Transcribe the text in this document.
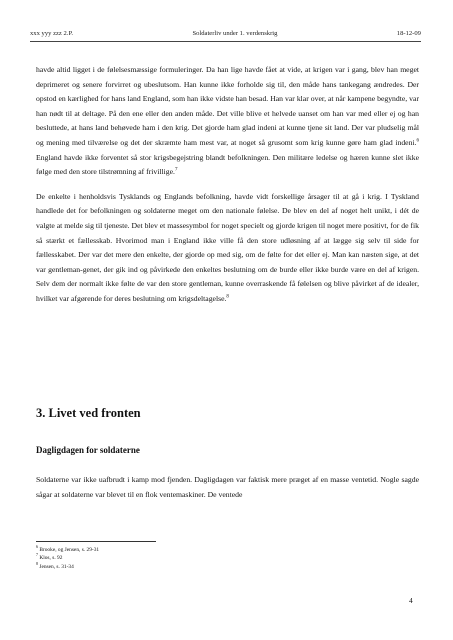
xxx yyy zzz 2.P.	Soldaterliv under 1. verdenskrig	18-12-09

havde altid ligget i de følelsesmæssige formuleringer. Da han lige havde fået at vide, at krigen var i gang, blev han meget deprimeret og senere forvirret og ubeslutsom. Han kunne ikke forholde sig til, den måde hans tankegang ændredes. Der opstod en kærlighed for hans land England, som han ikke vidste han besad. Han var klar over, at når kampene begyndte, var han nødt til at deltage. På den ene eller den anden måde. Det ville blive et helvede uanset om han var med eller ej og han besluttede, at hans land behøvede ham i den krig. Det gjorde ham glad indeni at kunne tjene sit land. Der var pludselig mål og mening med tilværelse og det der skræmte ham mest var, at noget så grusomt som krig kunne gøre ham glad indeni.$^6$ England havde ikke forventet så stor krigsbegejstring blandt befolkningen. Den militære ledelse og hæren kunne slet ikke følge med den store tilstrømning af frivillige.$^7$

De enkelte i henholdsvis Tysklands og Englands befolkning, havde vidt forskellige årsager til at gå i krig. I Tyskland handlede det for befolkningen og soldaterne meget om den nationale følelse. De blev en del af noget helt unikt, i dét de valgte at melde sig til tjeneste. Det blev et massesymbol for noget specielt og gjorde krigen til noget mere positivt, for de fik så stærkt et fællesskab. Hvorimod man i England ikke ville få den store udløsning af at lægge sig selv til side for fællesskabet. Der var det mere den enkelte, der gjorde op med sig, om de følte for det eller ej. Man kan næsten sige, at det var gentleman-genet, der gik ind og påvirkede den enkeltes beslutning om de burde eller ikke burde være en del af krigen. Selv dem der normalt ikke følte de var den store gentleman, kunne overraskende få følelsen og blive påvirket af de idealer, hvilket var afgørende for deres beslutning om krigsdeltagelse.$^8$

3. Livet ved fronten
Dagligdagen for soldaterne

Soldaterne var ikke uafbrudt i kamp mod fjenden. Dagligdagen var faktisk mere præget af en masse ventetid. Nogle sagde sågar at soldaterne var blevet til en flok ventemaskiner. De ventede

$^6$ Brooke, og Jensen, s. 29-31
$^7$ Klos, s. 92
$^8$ Jensen, s. 31-34
4
